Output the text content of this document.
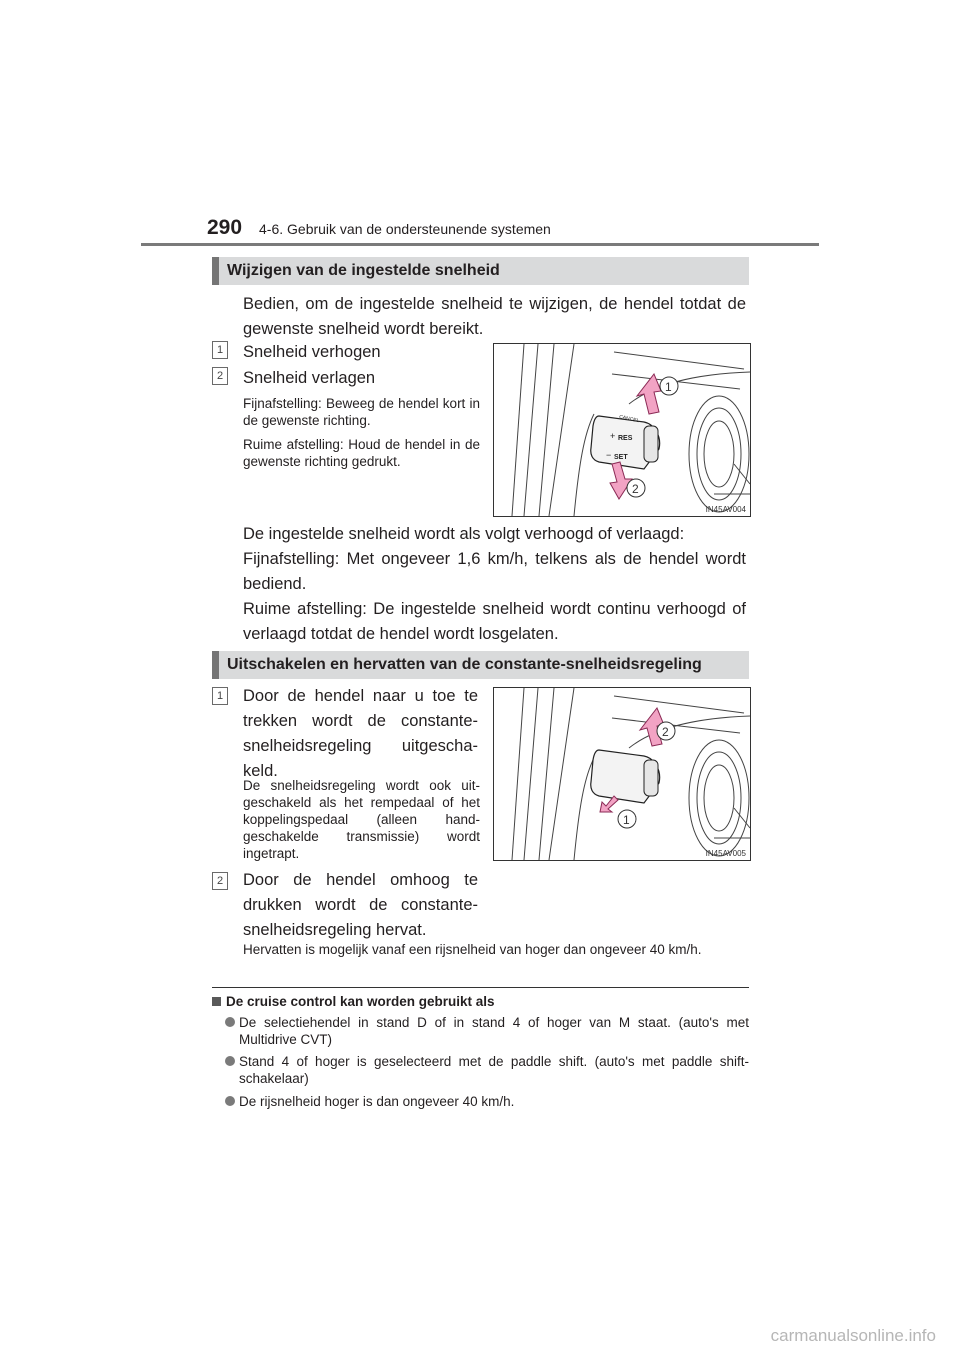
290 4-6. Gebruik van de ondersteunende systemen
Wijzigen van de ingestelde snelheid
Bedien, om de ingestelde snelheid te wijzigen, de hendel totdat de gewenste snelheid wordt bereikt.
1 Snelheid verhogen
2 Snelheid verlagen
Fijnafstelling: Beweeg de hendel kort in de gewenste richting.
Ruime afstelling: Houd de hendel in de gewenste richting gedrukt.
RES
+
SET
−
CANCEL
1
2
IN45AV004
De ingestelde snelheid wordt als volgt verhoogd of verlaagd:
Fijnafstelling: Met ongeveer 1,6 km/h, telkens als de hendel wordt bediend.
Ruime afstelling: De ingestelde snelheid wordt continu verhoogd of verlaagd totdat de hendel wordt losgelaten.
Uitschakelen en hervatten van de constante-snelheidsregeling
1 Door de hendel naar u toe te trekken wordt de constante-snelheidsregeling uitgescha-keld.
De snelheidsregeling wordt ook uit-geschakeld als het rempedaal of het koppelingspedaal (alleen hand-geschakelde transmissie) wordt ingetrapt.
2 Door de hendel omhoog te drukken wordt de constante-snelheidsregeling hervat.
Hervatten is mogelijk vanaf een rijsnelheid van hoger dan ongeveer 40 km/h.
2
1
IN45AV005
De cruise control kan worden gebruikt als
De selectiehendel in stand D of in stand 4 of hoger van M staat. (auto's met Multidrive CVT)
Stand 4 of hoger is geselecteerd met de paddle shift. (auto's met paddle shift-schakelaar)
De rijsnelheid hoger is dan ongeveer 40 km/h.
carmanualsonline.info
